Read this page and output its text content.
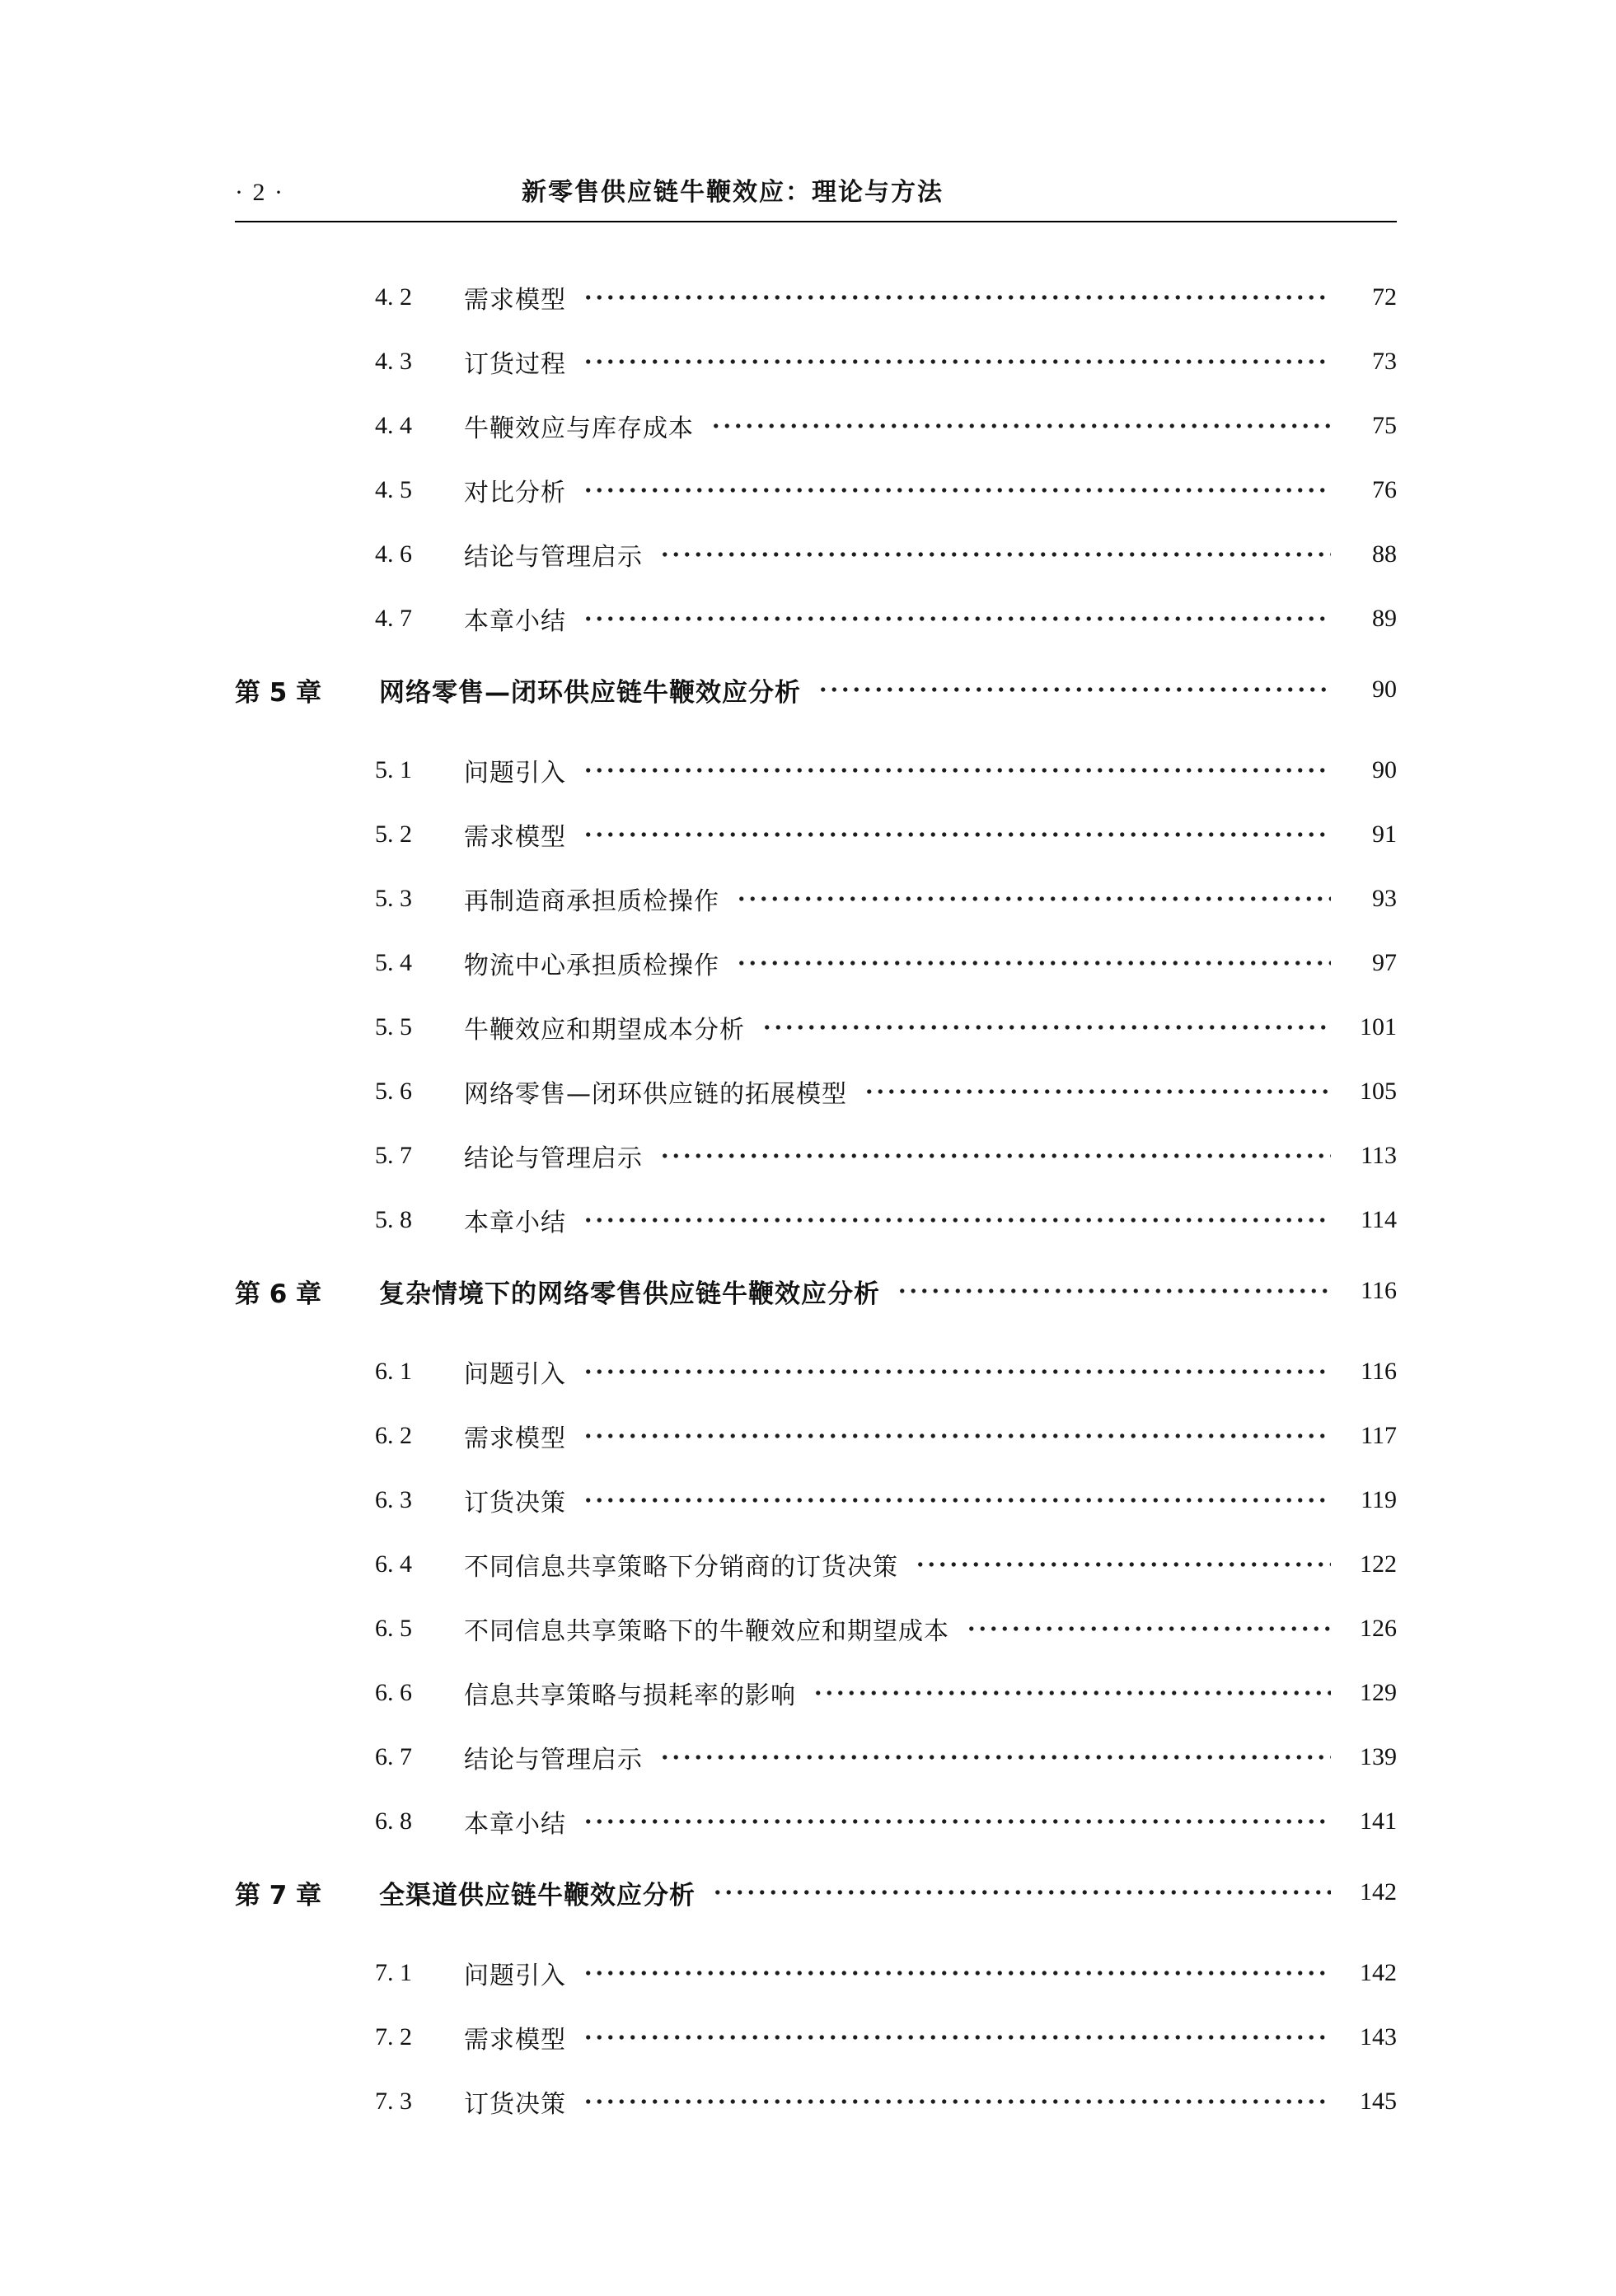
· 2 ·	新零售供应链牛鞭效应：理论与方法
4. 2	需求模型	72
4. 3	订货过程	73
4. 4	牛鞭效应与库存成本	75
4. 5	对比分析	76
4. 6	结论与管理启示	88
4. 7	本章小结	89
第 5 章	网络零售—闭环供应链牛鞭效应分析	90
5. 1	问题引入	90
5. 2	需求模型	91
5. 3	再制造商承担质检操作	93
5. 4	物流中心承担质检操作	97
5. 5	牛鞭效应和期望成本分析	101
5. 6	网络零售—闭环供应链的拓展模型	105
5. 7	结论与管理启示	113
5. 8	本章小结	114
第 6 章	复杂情境下的网络零售供应链牛鞭效应分析	116
6. 1	问题引入	116
6. 2	需求模型	117
6. 3	订货决策	119
6. 4	不同信息共享策略下分销商的订货决策	122
6. 5	不同信息共享策略下的牛鞭效应和期望成本	126
6. 6	信息共享策略与损耗率的影响	129
6. 7	结论与管理启示	139
6. 8	本章小结	141
第 7 章	全渠道供应链牛鞭效应分析	142
7. 1	问题引入	142
7. 2	需求模型	143
7. 3	订货决策	145
